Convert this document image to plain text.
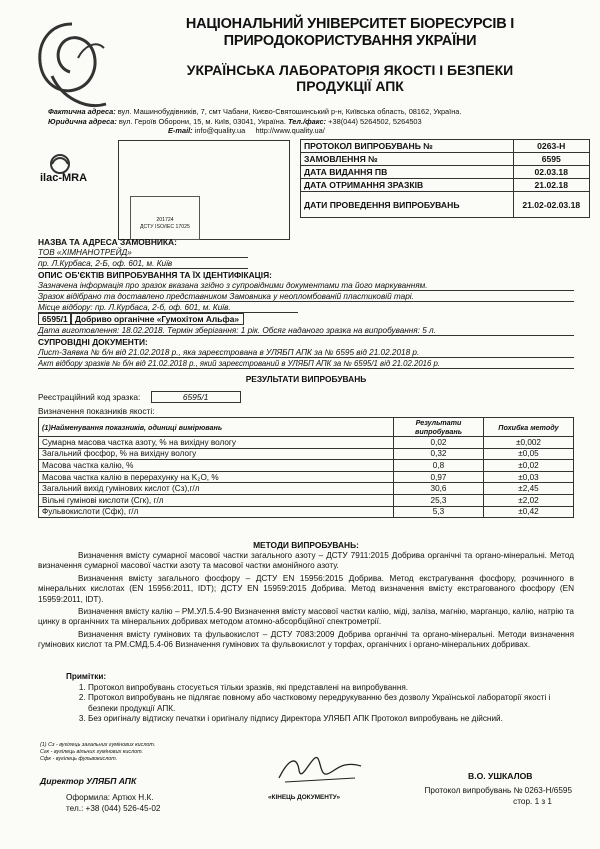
НАЦІОНАЛЬНИЙ УНІВЕРСИТЕТ БІОРЕСУРСІВ І ПРИРОДОКОРИСТУВАННЯ УКРАЇНИ
УКРАЇНСЬКА ЛАБОРАТОРІЯ ЯКОСТІ І БЕЗПЕКИ ПРОДУКЦІЇ АПК
Фактична адреса: вул. Машинобудівників, 7, смт Чабани, Києво-Святошинський р-н, Київська область, 08162, Україна.
Юридична адреса: вул. Героїв Оборони, 15, м. Київ, 03041, Україна. Тел./факс: +38(044) 5264502, 5264503
E-mail: info@quality.ua http://www.quality.ua/
ilac-MRA
201724
ДСТУ ISO/IEC 17025
ПРОТОКОЛ ВИПРОБУВАНЬ №	0263-Н
ЗАМОВЛЕННЯ №	6595
ДАТА ВИДАННЯ ПВ	02.03.18
ДАТА ОТРИМАННЯ ЗРАЗКІВ	21.02.18
ДАТИ ПРОВЕДЕННЯ ВИПРОБУВАНЬ	21.02-02.03.18
НАЗВА ТА АДРЕСА ЗАМОВНИКА:
ТОВ «ХІМНАНОТРЕЙД»
пр. Л.Курбаса, 2-Б, оф. 601, м. Київ
ОПИС ОБ'ЄКТІВ ВИПРОБУВАННЯ ТА ЇХ ІДЕНТИФІКАЦІЯ:
Зазначена інформація про зразок вказана згідно з супровідними документами та його маркуванням.
Зразок відібрано та доставлено представником Замовника у неопломбованій пластиковій тарі.
Місце відбору: пр. Л.Курбаса, 2-б, оф. 601, м. Київ.
6595/1 Добриво органічне «Гумохітом Альфа»
Дата виготовлення: 18.02.2018. Термін зберігання: 1 рік. Обсяг наданого зразка на випробування: 5 л.
СУПРОВІДНІ ДОКУМЕНТИ:
Лист-Заявка № б/н від 21.02.2018 р., яка зареєстрована в УЛЯБП АПК за № 6595 від 21.02.2018 р.
Акт відбору зразків № б/н від 21.02.2018 р., який зареєстрований в УЛЯБП АПК за № 6595/1 від 21.02.2016 р.
РЕЗУЛЬТАТИ ВИПРОБУВАНЬ
Реєстраційний код зразка:	6595/1
Визначення показників якості:
(1)Найменування показників, одиниці вимірювань	Результати випробувань	Похибка методу
Сумарна масова частка азоту, % на вихідну вологу	0,02	±0,002
Загальний фосфор, % на вихідну вологу	0,32	±0,05
Масова частка калію, %	0,8	±0,02
Масова частка калію в перерахунку на K₂O, %	0,97	±0,03
Загальний вихід гумінових кислот (Сз),г/л	30,6	±2,45
Вільні гумінові кислоти (Сгк), г/л	25,3	±2,02
Фульвокислоти (Сфк), г/л	5,3	±0,42
МЕТОДИ ВИПРОБУВАНЬ:

Визначення вмісту сумарної масової частки загального азоту – ДСТУ 7911:2015 Добрива органічні та органо-мінеральні. Метод визначення сумарної масової частки азоту та масової частки амонійного азоту.

Визначення вмісту загального фосфору – ДСТУ EN 15956:2015 Добрива. Метод екстрагування фосфору, розчинного в мінеральних кислотах (EN 15956:2011, IDT); ДСТУ EN 15959:2015 Добрива. Метод визначення вмісту екстрагованого фосфору (EN 15959:2011, IDT).

Визначення вмісту калію – РМ.УЛ.5.4-90 Визначення вмісту масової частки калію, міді, заліза, магнію, марганцю, калію, натрію та цинку в органічних та мінеральних добривах методом атомно-абсорбційної спектрометрії.

Визначення вмісту гумінових та фульвокислот – ДСТУ 7083:2009 Добрива органічні та органо-мінеральні. Методи визначення гумінових кислот та РМ.СМД.5.4-06 Визначення гумінових та фульвокислот у торфах, органічних і органо-мінеральних добривах.

Примітки:
1. Протокол випробувань стосується тільки зразків, які представлені на випробування.
2. Протокол випробувань не підлягає повному або частковому передрукуванню без дозволу Української лабораторії якості і безпеки продукції АПК.
3. Без оригіналу відтиску печатки і оригіналу підпису Директора УЛЯБП АПК Протокол випробувань не дійсний.
(1) Сз - вугілець загальних гумінових кислот.
Сгк - вугілець вільних гумінових кислот.
Сфк - вугілець фульвокислот.
Директор УЛЯБП АПК	В.О. УШКАЛОВ
«КІНЕЦЬ ДОКУМЕНТУ»
Оформила: Артюх Н.К.
тел.: +38 (044) 526-45-02
Протокол випробувань № 0263-Н/6595
стор. 1 з 1
